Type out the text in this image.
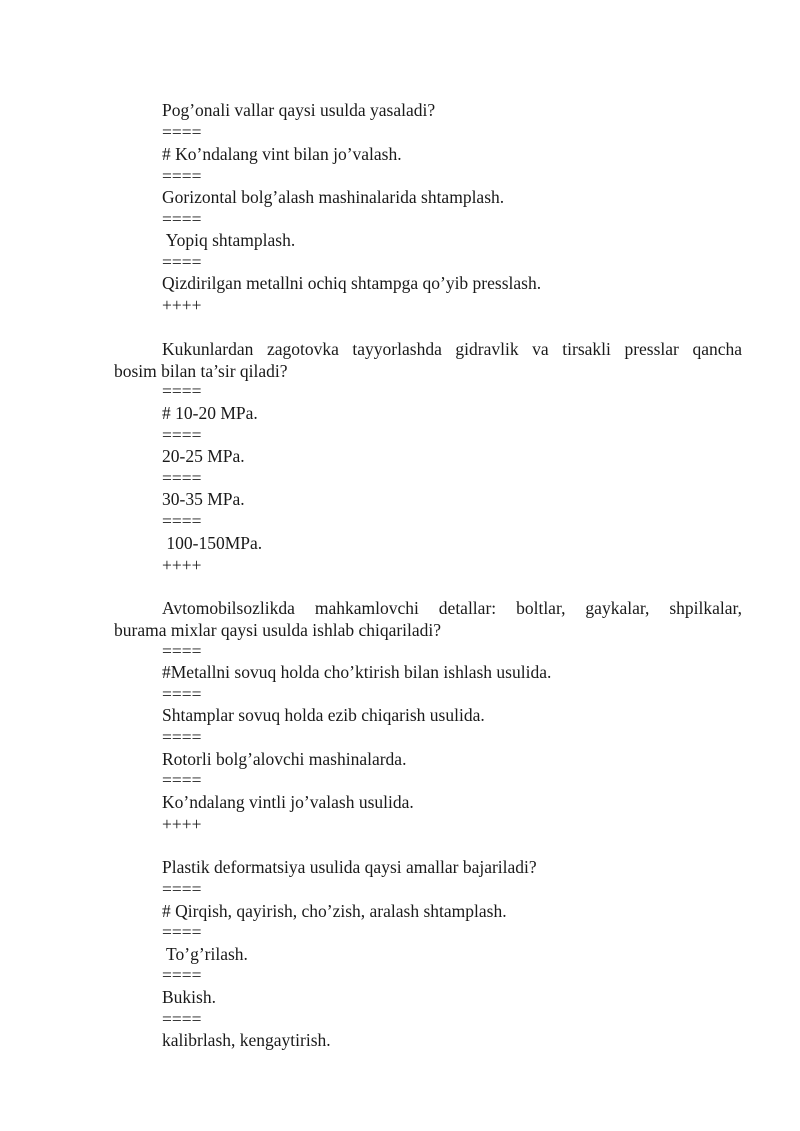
Pog’onali vallar qaysi usulda yasaladi?
====
# Ko’ndalang vint bilan jo’valash.
====
Gorizontal bolg’alash mashinalarida shtamplash.
====
Yopiq shtamplash.
====
Qizdirilgan metallni ochiq shtampga qo’yib presslash.
++++
Kukunlardan zagotovka tayyorlashda gidravlik va tirsakli presslar qancha
bosim bilan ta’sir qiladi?
====
# 10-20 MPa.
====
20-25 MPa.
====
30-35 MPa.
====
100-150MPa.
++++
Avtomobilsozlikda mahkamlovchi detallar: boltlar, gaykalar, shpilkalar,
burama mixlar qaysi usulda ishlab chiqariladi?
====
#Metallni sovuq holda cho’ktirish bilan ishlash usulida.
====
Shtamplar sovuq holda ezib chiqarish usulida.
====
Rotorli bolg’alovchi mashinalarda.
====
Ko’ndalang vintli jo’valash usulida.
++++
Plastik deformatsiya usulida qaysi amallar bajariladi?
====
# Qirqish, qayirish, cho’zish, aralash shtamplash.
====
To’g’rilash.
====
Bukish.
====
kalibrlash, kengaytirish.
